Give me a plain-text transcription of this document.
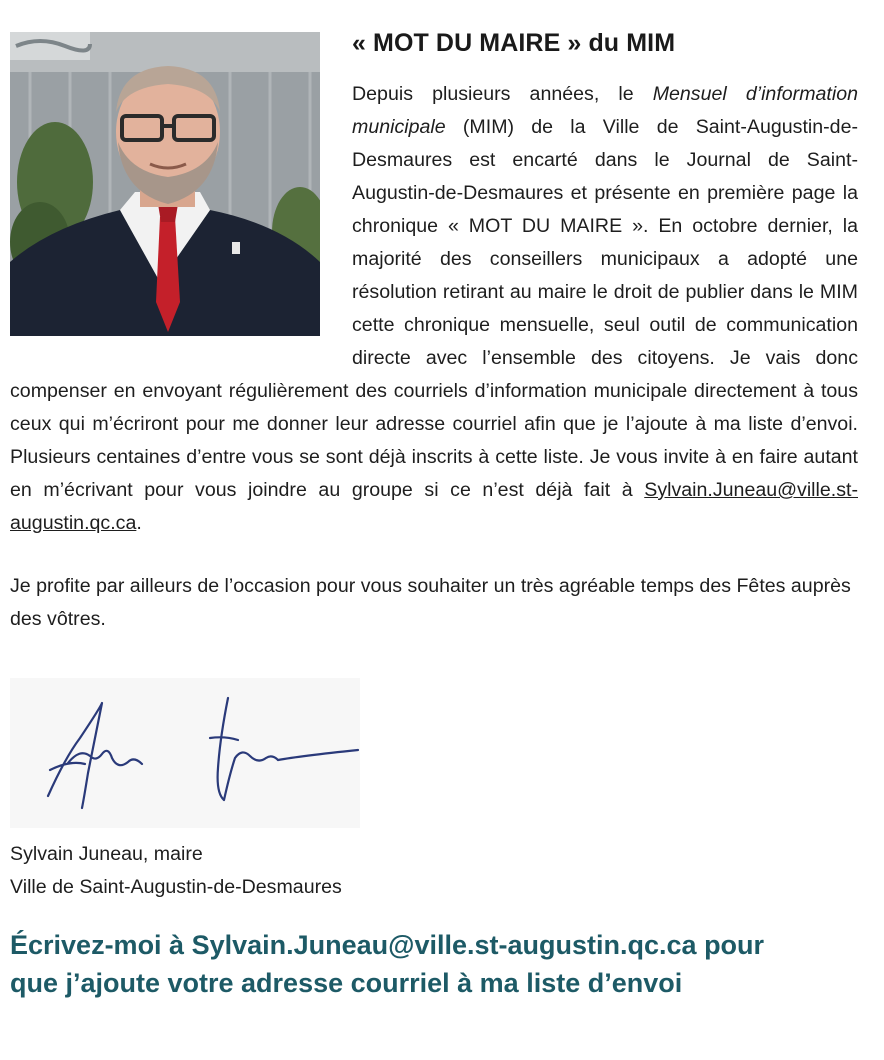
« MOT DU MAIRE » du MIM

Depuis plusieurs années, le Mensuel d’information municipale (MIM) de la Ville de Saint-Augustin-de-Desmaures est encarté dans le Journal de Saint-Augustin-de-Desmaures et présente en première page la chronique « MOT DU MAIRE ». En octobre dernier, la majorité des conseillers municipaux a adopté une résolution retirant au maire le droit de publier dans le MIM cette chronique mensuelle, seul outil de communication directe avec l’ensemble des citoyens. Je vais donc compenser en envoyant régulièrement des courriels d’information municipale directement à tous ceux qui m’écriront pour me donner leur adresse courriel afin que je l’ajoute à ma liste d’envoi. Plusieurs centaines d’entre vous se sont déjà inscrits à cette liste. Je vous invite à en faire autant en m’écrivant pour vous joindre au groupe si ce n’est déjà fait à Sylvain.Juneau@ville.st-augustin.qc.ca.

Je profite par ailleurs de l’occasion pour vous souhaiter un très agréable temps des Fêtes auprès des vôtres.

Sylvain Juneau, maire
Ville de Saint-Augustin-de-Desmaures
Écrivez-moi à Sylvain.Juneau@ville.st-augustin.qc.ca pour
que j’ajoute votre adresse courriel à ma liste d’envoi
